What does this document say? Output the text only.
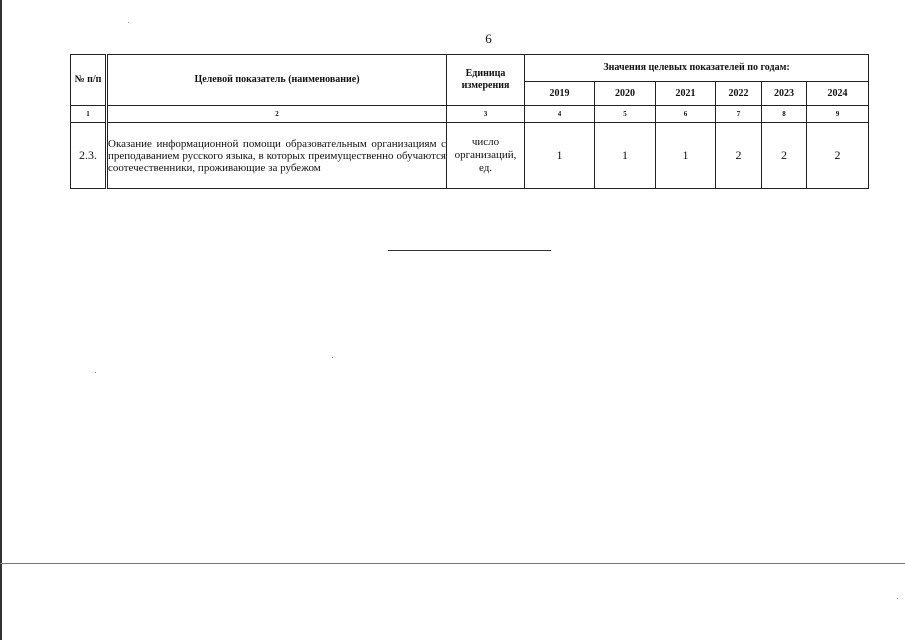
6
№ п/п	Целевой показатель (наименование)	Единица измерения	Значения целевых показателей по годам:					
			2019	2020	2021	2022	2023	2024
1	2	3	4	5	6	7	8	9
2.3.	Оказание информационной помощи образовательным организациям с преподаванием русского языка, в которых преимущественно обучаются соотечественники, проживающие за рубежом	число организаций, ед.	1	1	1	2	2	2
